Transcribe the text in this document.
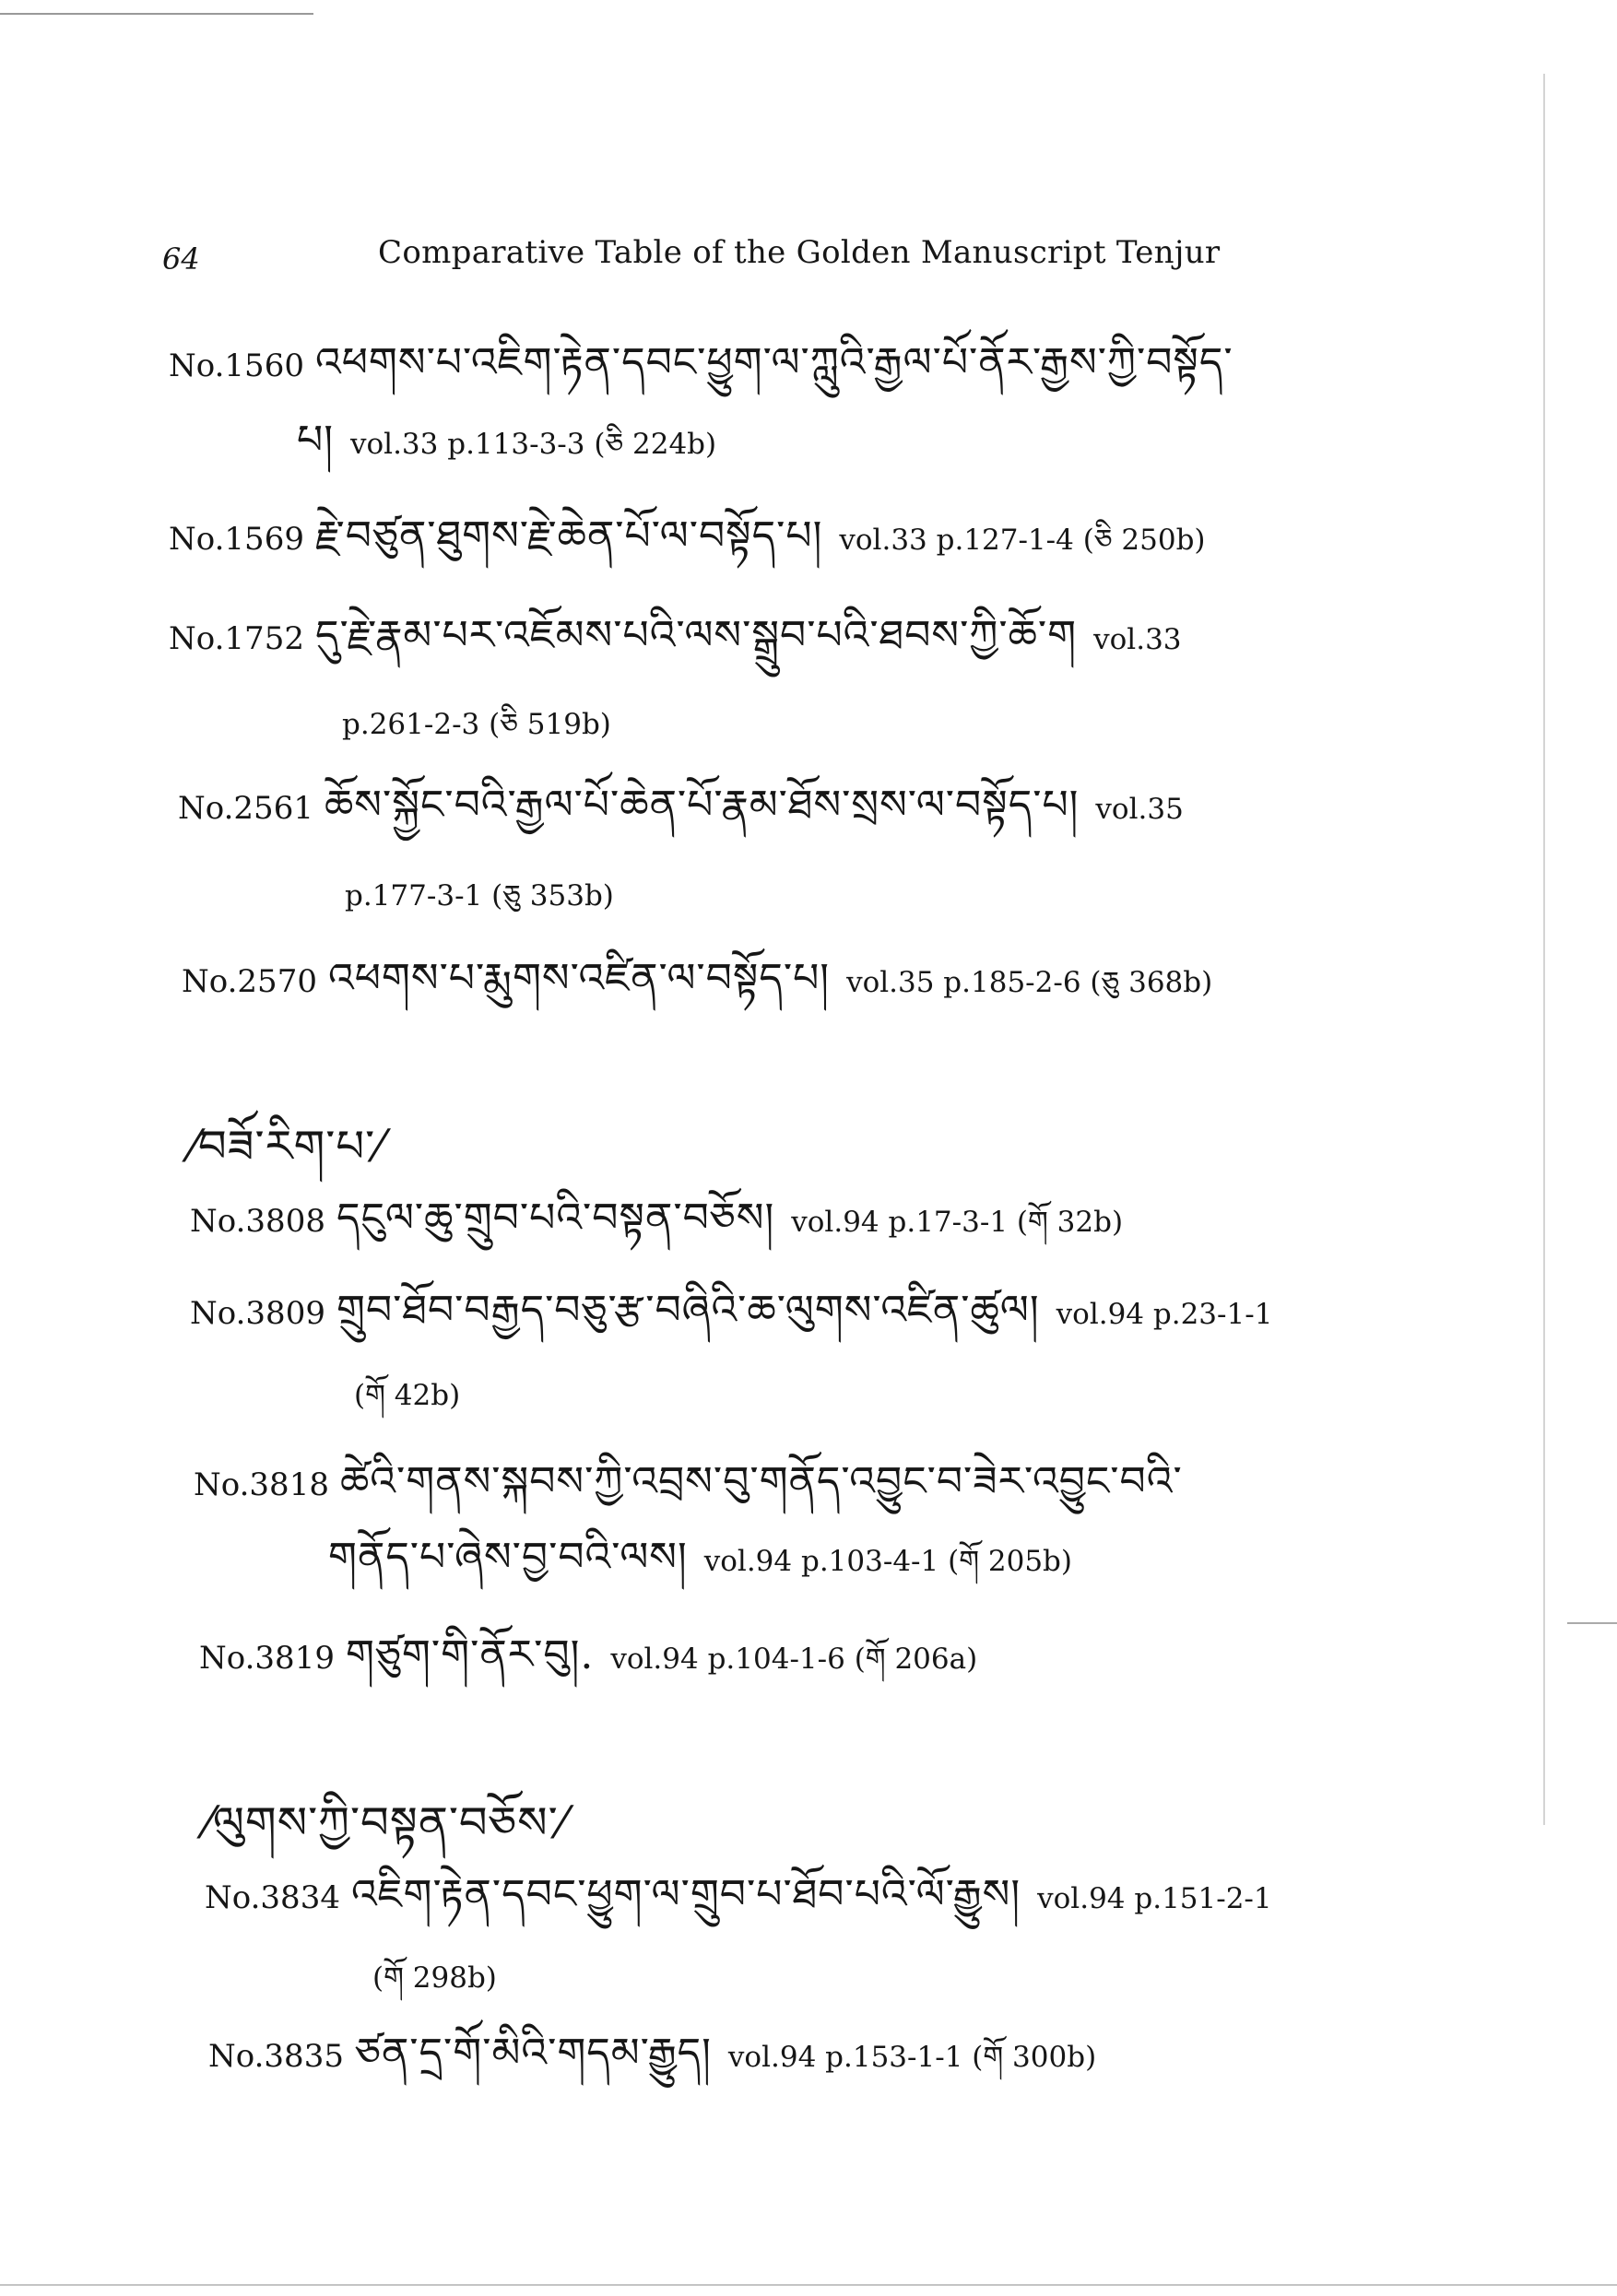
64	Comparative Table of the Golden Manuscript Tenjur
No.1560 འཕགས་པ་འཇིག་རྟེན་དབང་ཕྱུག་ལ་ཀླུའི་རྒྱལ་པོ་ནོར་རྒྱས་ཀྱི་བསྟོད་
པ། vol.33 p.113-3-3 (ཅི 224b)
No.1569 རྗེ་བཙུན་ཐུགས་རྗེ་ཆེན་པོ་ལ་བསྟོད་པ། vol.33 p.127-1-4 (ཅི 250b)
No.1752 དུ་རྗེ་རྣམ་པར་འཇོམས་པའི་ལས་སྒྲུབ་པའི་ཐབས་ཀྱི་ཆོ་ག vol.33
p.261-2-3 (ཅི 519b)
No.2561 ཆོས་སྐྱོང་བའི་རྒྱལ་པོ་ཆེན་པོ་རྣམ་ཐོས་སྲས་ལ་བསྟོད་པ། vol.35
p.177-3-1 (ཅུ 353b)
No.2570 འཕགས་པ་རྨུགས་འཛིན་ལ་བསྟོད་པ། vol.35 p.185-2-6 (ཅུ 368b)
⁄བཟོ་རིག་པ་⁄
No.3808 དངུལ་ཆུ་གྲུབ་པའི་བསྟན་བཅོས། vol.94 p.17-3-1 (གོ 32b)
No.3809 གྲུབ་ཐོབ་བརྒྱད་བཅུ་རྩ་བཞིའི་ཆ་ལུགས་འཛིན་ཚུལ། vol.94 p.23-1-1
(གོ 42b)
No.3818 ཚེའི་གནས་སྐབས་ཀྱི་འབྲས་བུ་གནོད་འབྱུང་བ་ཟེར་འབྱུང་བའི་
གནོད་པ་ཞེས་བྱ་བའི་ལས། vol.94 p.103-4-1 (གོ 205b)
No.3819 གཙུག་གི་ནོར་བུ།. vol.94 p.104-1-6 (གོ 206a)
⁄ལུགས་ཀྱི་བསྟན་བཅོས་⁄
No.3834 འཇིག་རྟེན་དབང་ཕྱུག་ལ་གྲུབ་པ་ཐོབ་པའི་ལོ་རྒྱུས། vol.94 p.151-2-1
(གོ 298b)
No.3835 ཙན་དྲ་གོ་མིའི་གདམ་རྒྱུད། vol.94 p.153-1-1 (གོ 300b)
